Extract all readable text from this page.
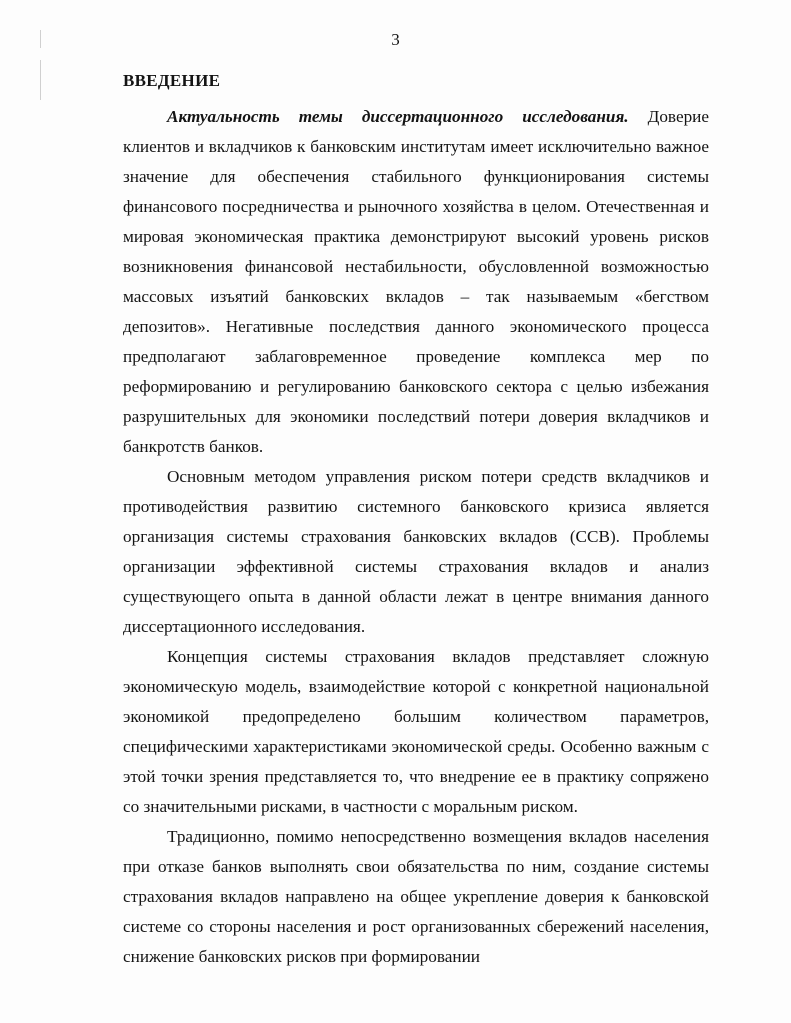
3
ВВЕДЕНИЕ

Актуальность темы диссертационного исследования. Доверие клиентов и вкладчиков к банковским институтам имеет исключительно важное значение для обеспечения стабильного функционирования системы финансового посредничества и рыночного хозяйства в целом. Отечественная и мировая экономическая практика демонстрируют высокий уровень рисков возникновения финансовой нестабильности, обусловленной возможностью массовых изъятий банковских вкладов – так называемым «бегством депозитов». Негативные последствия данного экономического процесса предполагают заблаговременное проведение комплекса мер по реформированию и регулированию банковского сектора с целью избежания разрушительных для экономики последствий потери доверия вкладчиков и банкротств банков.

Основным методом управления риском потери средств вкладчиков и противодействия развитию системного банковского кризиса является организация системы страхования банковских вкладов (ССВ). Проблемы организации эффективной системы страхования вкладов и анализ существующего опыта в данной области лежат в центре внимания данного диссертационного исследования.

Концепция системы страхования вкладов представляет сложную экономическую модель, взаимодействие которой с конкретной национальной экономикой предопределено большим количеством параметров, специфическими характеристиками экономической среды. Особенно важным с этой точки зрения представляется то, что внедрение ее в практику сопряжено со значительными рисками, в частности с моральным риском.

Традиционно, помимо непосредственно возмещения вкладов населения при отказе банков выполнять свои обязательства по ним, создание системы страхования вкладов направлено на общее укрепление доверия к банковской системе со стороны населения и рост организованных сбережений населения, снижение банковских рисков при формировании
